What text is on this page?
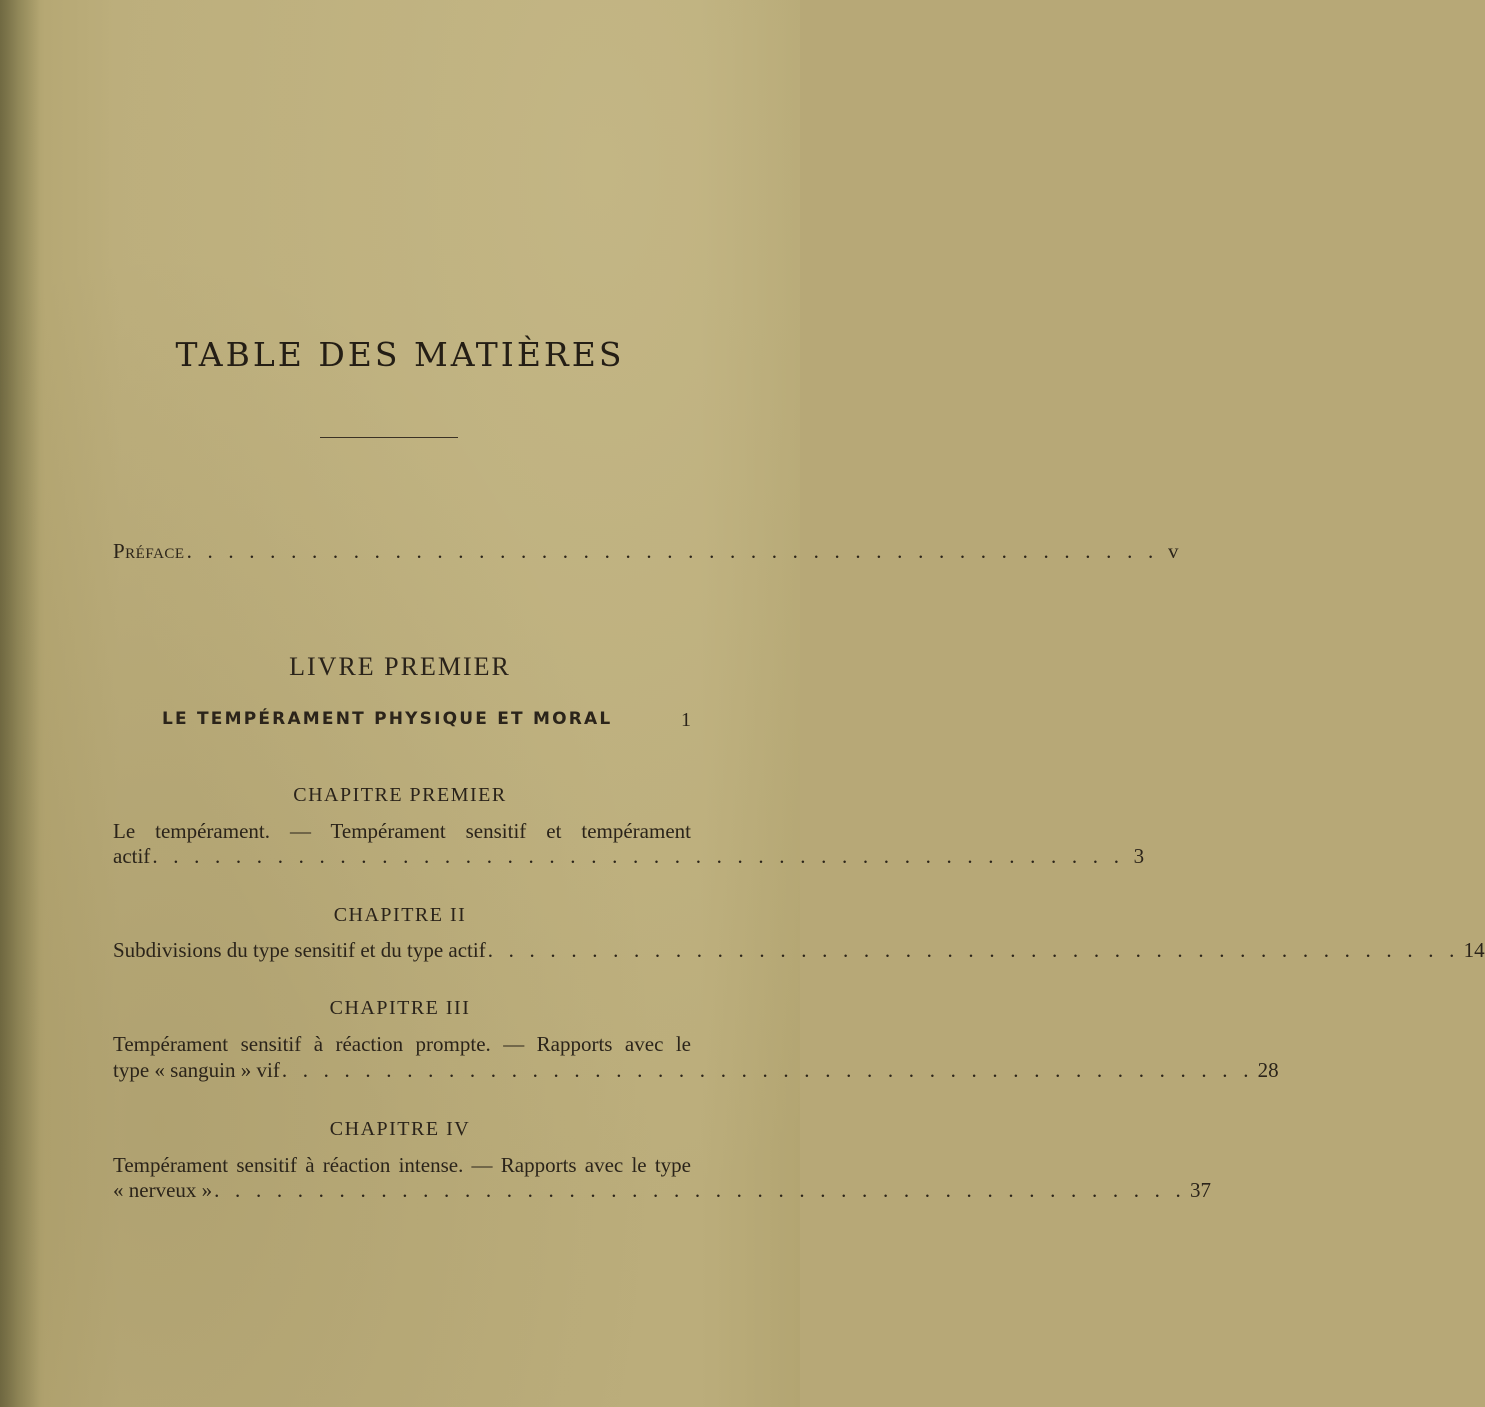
TABLE DES MATIÈRES
Préface . . . . . . . . . . . . . . . . . . . . . . . . . . . . . . . . . . . . . . . . . . . . . . . v
LIVRE PREMIER
LE TEMPÉRAMENT PHYSIQUE ET MORAL	1
CHAPITRE PREMIER
Le tempérament. — Tempérament sensitif et tempérament
actif . . . . . . . . . . . . . . . . . . . . . . . . . . . . . . . . . . . . . . . . . . . . . . . 3
CHAPITRE II
Subdivisions du type sensitif et du type actif . . . . . . . . . . . . . . . . . . . . . . . . . . . . . . . . . . . . . . . . . . . . . . . 14
CHAPITRE III
Tempérament sensitif à réaction prompte. — Rapports avec le
type « sanguin » vif . . . . . . . . . . . . . . . . . . . . . . . . . . . . . . . . . . . . . . . . . . . . . . . 28
CHAPITRE IV
Tempérament sensitif à réaction intense. — Rapports avec le type
« nerveux » . . . . . . . . . . . . . . . . . . . . . . . . . . . . . . . . . . . . . . . . . . . . . . . 37
